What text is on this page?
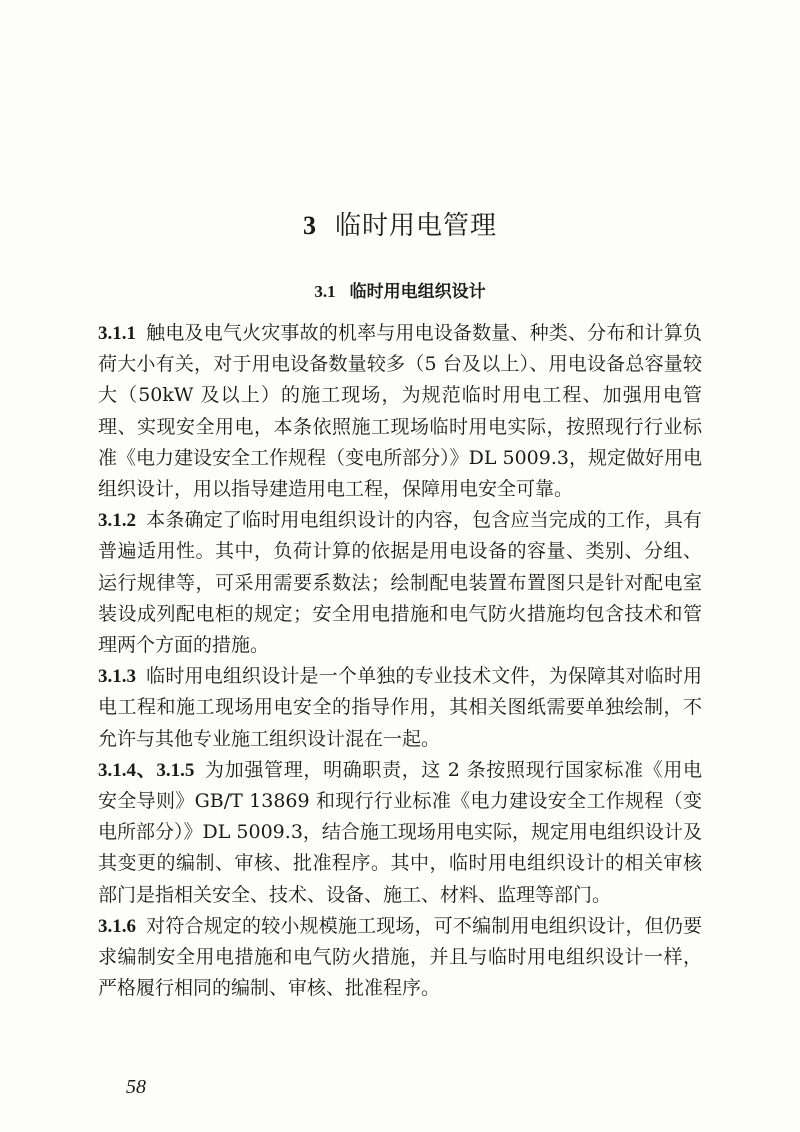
3 临时用电管理
3.1 临时用电组织设计

3.1.1 触电及电气火灾事故的机率与用电设备数量、种类、分布和计算负荷大小有关，对于用电设备数量较多（5 台及以上）、用电设备总容量较大（50kW 及以上）的施工现场，为规范临时用电工程、加强用电管理、实现安全用电，本条依照施工现场临时用电实际，按照现行行业标准《电力建设安全工作规程（变电所部分）》DL 5009.3，规定做好用电组织设计，用以指导建造用电工程，保障用电安全可靠。

3.1.2 本条确定了临时用电组织设计的内容，包含应当完成的工作，具有普遍适用性。其中，负荷计算的依据是用电设备的容量、类别、分组、运行规律等，可采用需要系数法；绘制配电装置布置图只是针对配电室装设成列配电柜的规定；安全用电措施和电气防火措施均包含技术和管理两个方面的措施。

3.1.3 临时用电组织设计是一个单独的专业技术文件，为保障其对临时用电工程和施工现场用电安全的指导作用，其相关图纸需要单独绘制，不允许与其他专业施工组织设计混在一起。

3.1.4、3.1.5 为加强管理，明确职责，这 2 条按照现行国家标准《用电安全导则》GB/T 13869 和现行行业标准《电力建设安全工作规程（变电所部分）》DL 5009.3，结合施工现场用电实际，规定用电组织设计及其变更的编制、审核、批准程序。其中，临时用电组织设计的相关审核部门是指相关安全、技术、设备、施工、材料、监理等部门。

3.1.6 对符合规定的较小规模施工现场，可不编制用电组织设计，但仍要求编制安全用电措施和电气防火措施，并且与临时用电组织设计一样，严格履行相同的编制、审核、批准程序。

58
